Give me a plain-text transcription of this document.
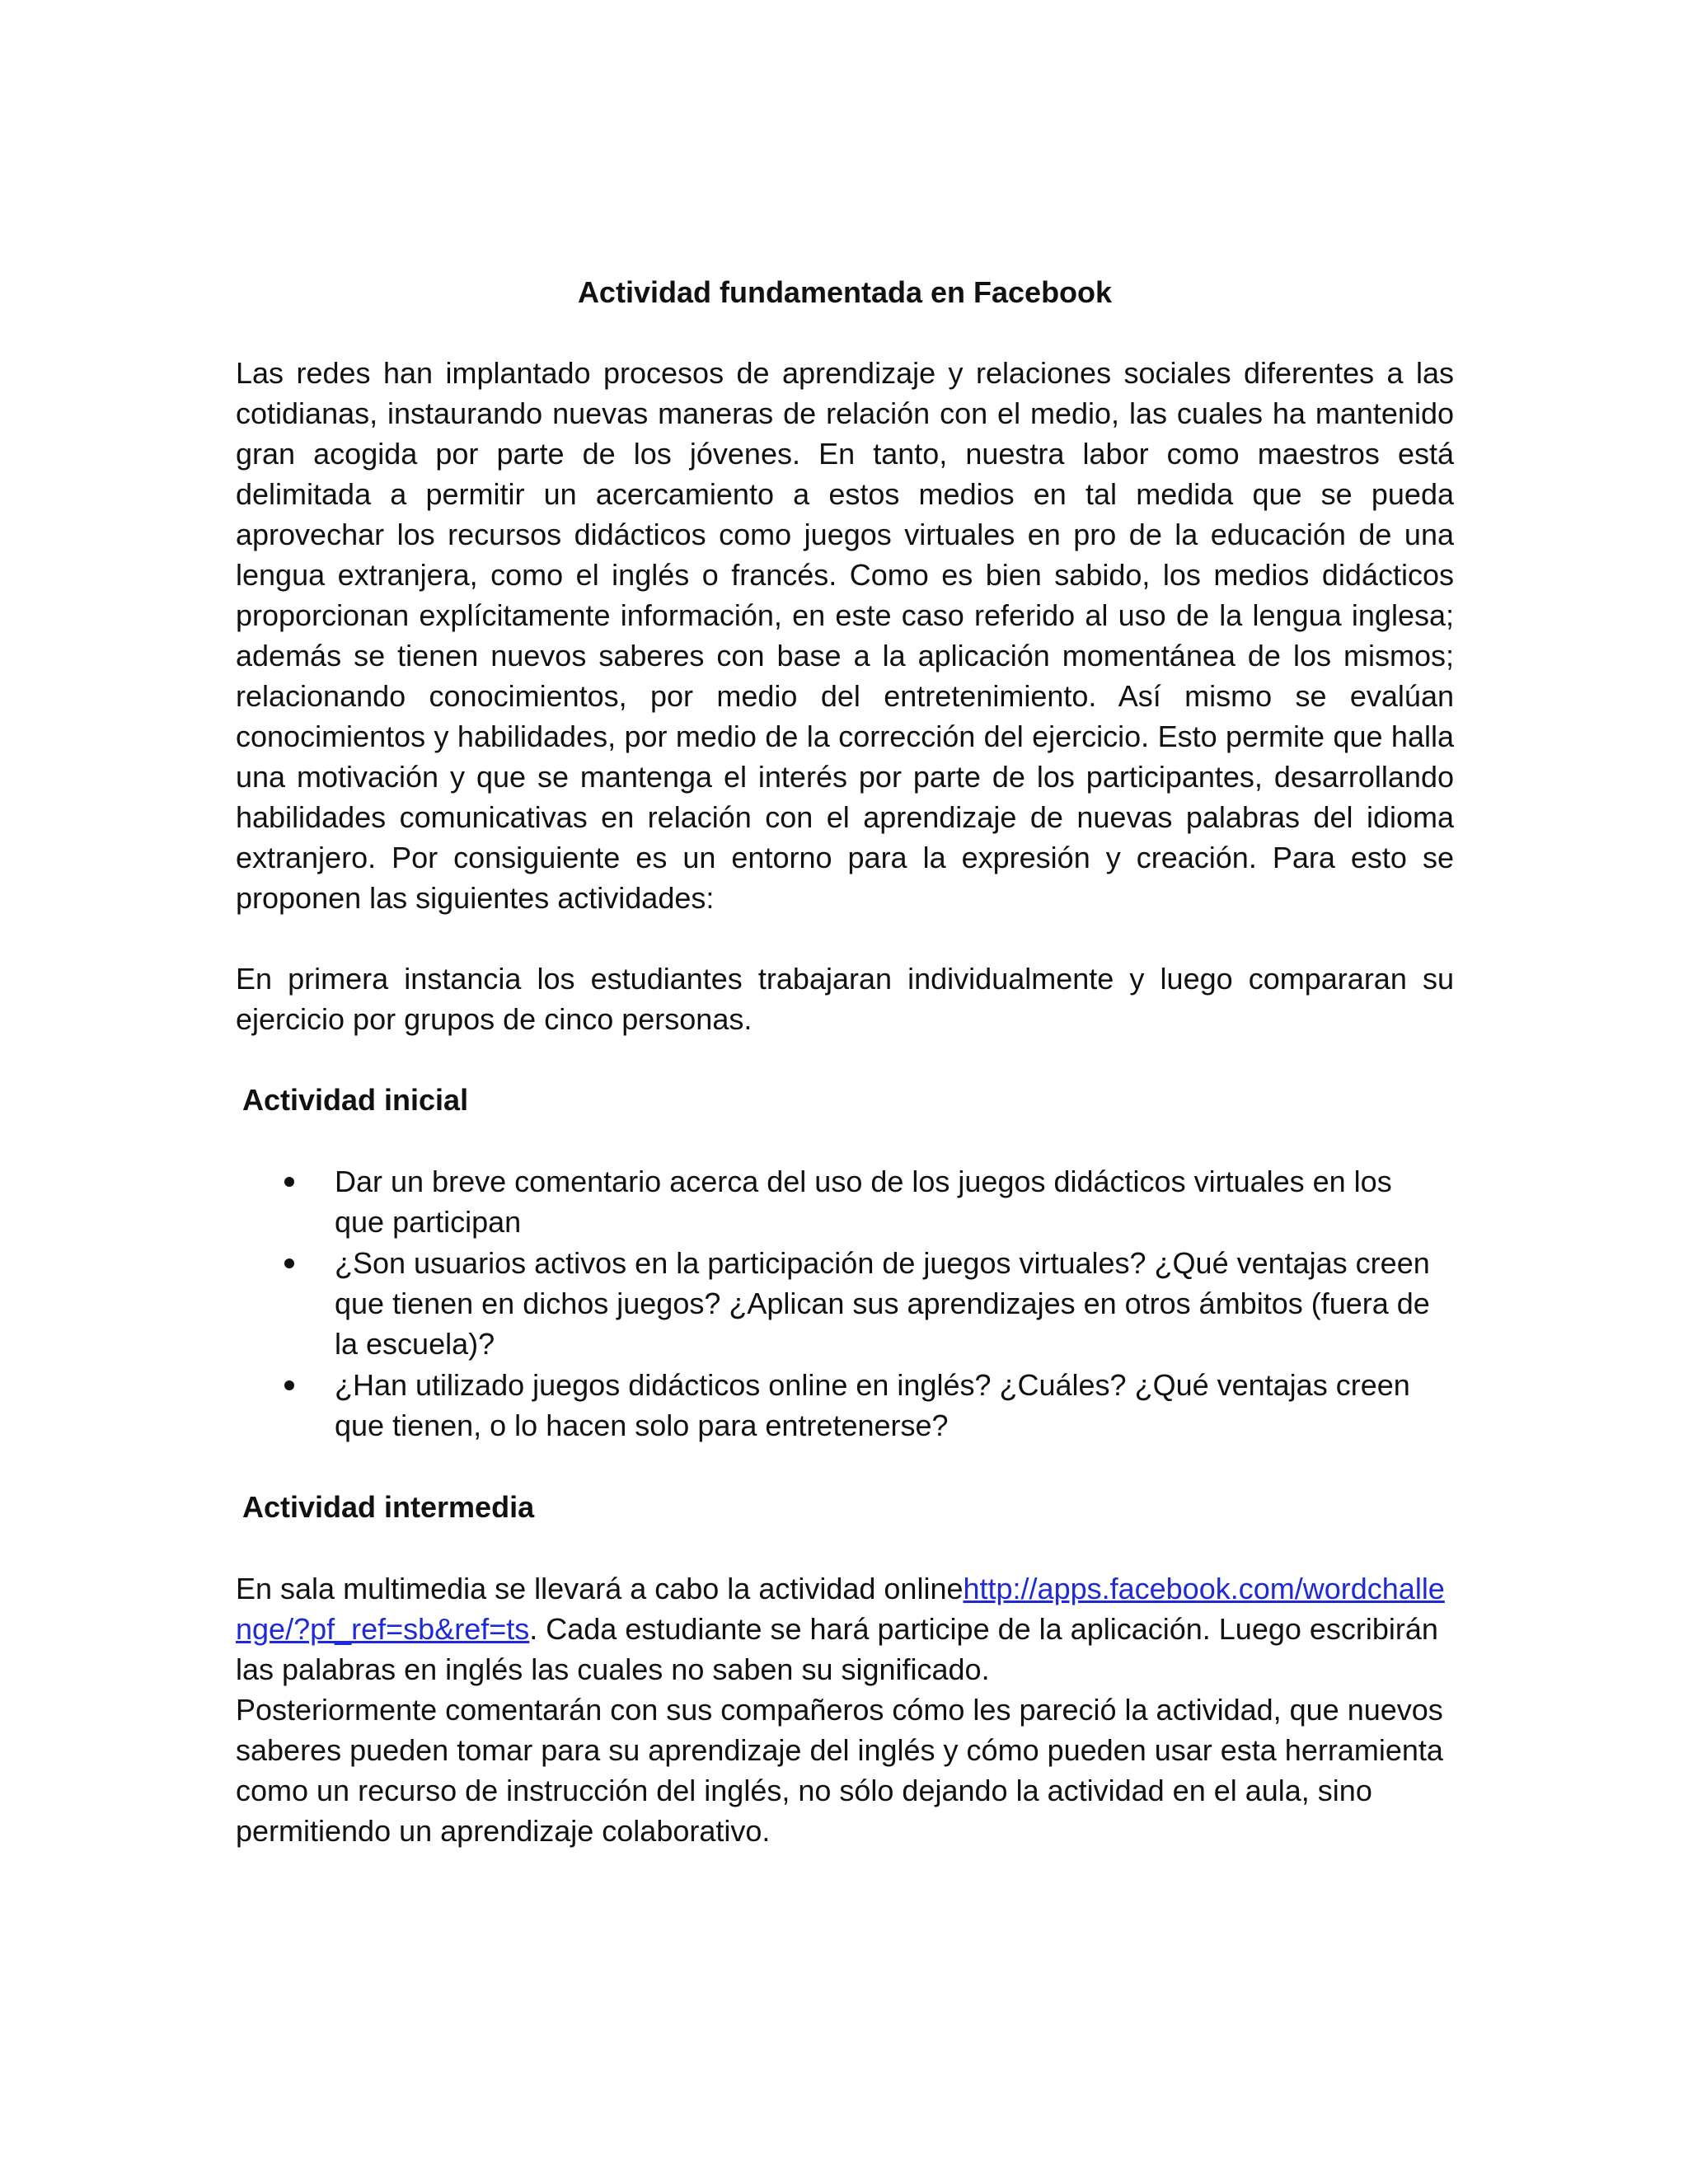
Actividad fundamentada en Facebook

Las redes han implantado procesos de aprendizaje y relaciones sociales diferentes a las cotidianas, instaurando nuevas maneras de relación con el medio, las cuales ha mantenido gran acogida por parte de los jóvenes. En tanto, nuestra labor como maestros está delimitada a permitir un acercamiento a estos medios en tal medida que se pueda aprovechar los recursos didácticos como juegos virtuales en pro de la educación de una lengua extranjera, como el inglés o francés. Como es bien sabido, los medios didácticos proporcionan explícitamente información, en este caso referido al uso de la lengua inglesa; además se tienen nuevos saberes con base a la aplicación momentánea de los mismos; relacionando conocimientos, por medio del entretenimiento. Así mismo se evalúan conocimientos y habilidades, por medio de la corrección del ejercicio. Esto permite que halla una motivación y que se mantenga el interés por parte de los participantes, desarrollando habilidades comunicativas en relación con el aprendizaje de nuevas palabras del idioma extranjero. Por consiguiente es un entorno para la expresión y creación. Para esto se proponen las siguientes actividades:

En primera instancia los estudiantes trabajaran individualmente y luego compararan su ejercicio por grupos de cinco personas.

Actividad inicial
Dar un breve comentario acerca del uso de los juegos didácticos virtuales en los que participan
¿Son usuarios activos en la participación de juegos virtuales? ¿Qué ventajas creen que tienen en dichos juegos? ¿Aplican sus aprendizajes en otros ámbitos (fuera de la escuela)?
¿Han utilizado juegos didácticos online en inglés? ¿Cuáles? ¿Qué ventajas creen que tienen, o lo hacen solo para entretenerse?
Actividad intermedia

En sala multimedia se llevará a cabo la actividad onlinehttp://apps.facebook.com/wordchallenge/?pf_ref=sb&ref=ts. Cada estudiante se hará participe de la aplicación. Luego escribirán las palabras en inglés las cuales no saben su significado.

Posteriormente comentarán con sus compañeros cómo les pareció la actividad, que nuevos saberes pueden tomar para su aprendizaje del inglés y cómo pueden usar esta herramienta como un recurso de instrucción del inglés, no sólo dejando la actividad en el aula, sino permitiendo un aprendizaje colaborativo.
